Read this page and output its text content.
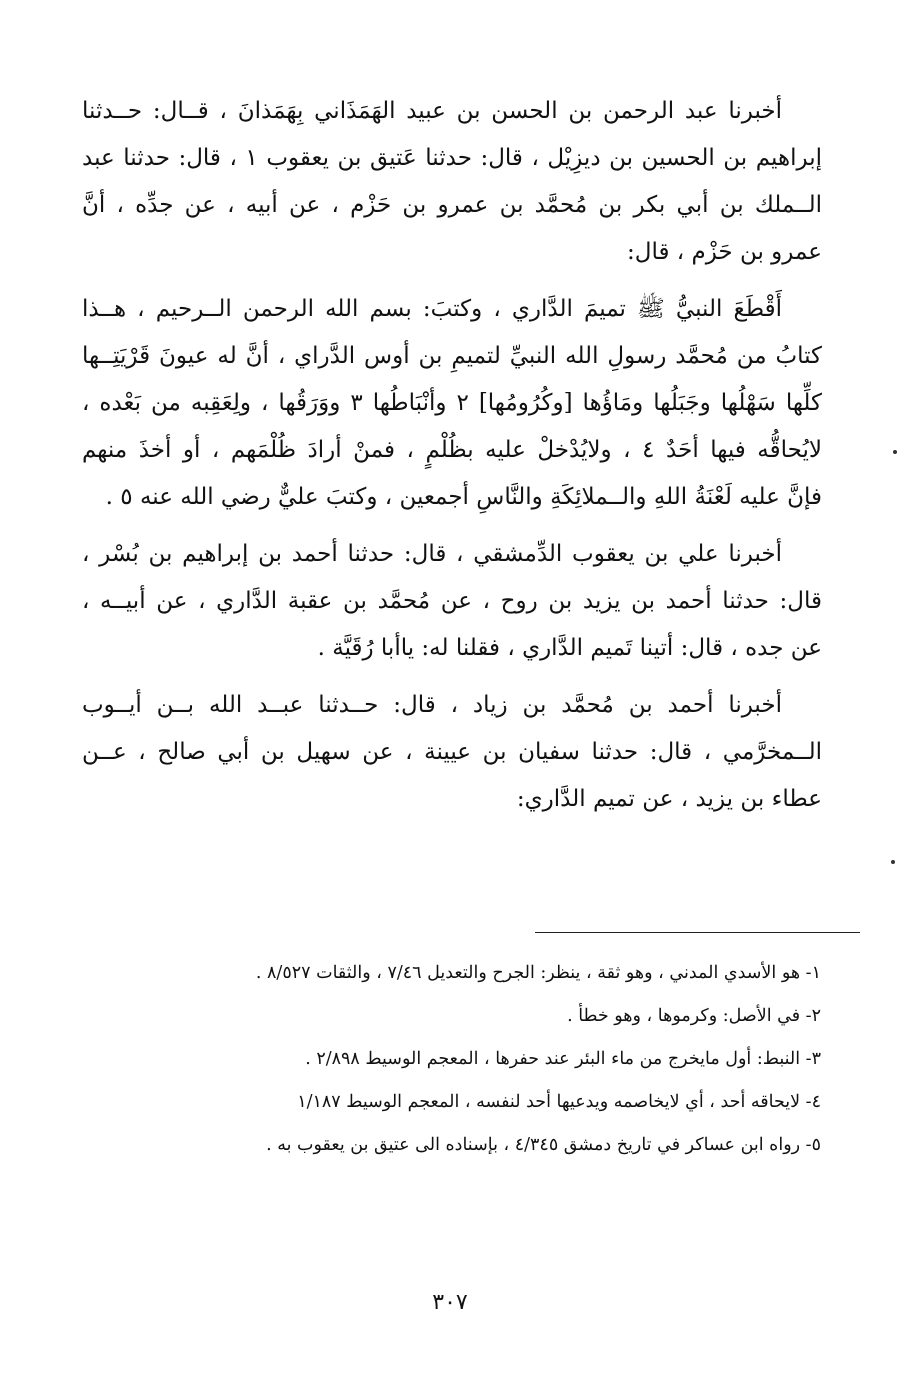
أخبرنا عبد الرحمن بن الحسن بن عبيد الهَمَذَاني بِهَمَذانَ ، قــال: حــدثنا
إبراهيم بن الحسين بن ديزِيْل ، قال: حدثنا عَتيق بن يعقوب ١ ، قال: حدثنا عبد
الــملك بن أبي بكر بن مُحمَّد بن عمرو بن حَزْم ، عن أبيه ، عن جدِّه ، أنَّ
عمرو بن حَزْم ، قال:
أَقْطَعَ النبيُّ ﷺ تميمَ الدَّاري ، وكتبَ: بسم الله الرحمن الــرحيم ، هــذا
كتابُ من مُحمَّد رسولِ الله النبيِّ لتميمِ بن أوس الدَّراي ، أنَّ له عيونَ قَرْيَتِــها
كلِّها سَهْلُها وجَبَلُها ومَاؤُها [وكُرُومُها] ٢ وأنْبَاطُها ٣ ووَرَقُها ، ولِعَقِبه من بَعْده ،
لايُحاقُّه فيها أحَدٌ ٤ ، ولايُدْخلْ عليه بظُلْمٍ ، فمنْ أرادَ ظُلْمَهم ، أو أخذَ منهم
فإنَّ عليه لَعْنَةُ اللهِ والــملائِكَةِ والنَّاسِ أجمعين ، وكتبَ عليٌّ رضي الله عنه ٥ .
أخبرنا علي بن يعقوب الدِّمشقي ، قال: حدثنا أحمد بن إبراهيم بن بُسْر ،
قال: حدثنا أحمد بن يزيد بن روح ، عن مُحمَّد بن عقبة الدَّاري ، عن أبيــه ،
عن جده ، قال: أتينا تَميم الدَّاري ، فقلنا له: ياأبا رُقَيَّة .
أخبرنا أحمد بن مُحمَّد بن زياد ، قال: حــدثنا عبــد الله بــن أيــوب
الــمخرَّمي ، قال: حدثنا سفيان بن عيينة ، عن سهيل بن أبي صالح ، عــن
عطاء بن يزيد ، عن تميم الدَّاري:
١- هو الأسدي المدني ، وهو ثقة ، ينظر: الجرح والتعديل ٧/٤٦ ، والثقات ٨/٥٢٧ .
٢- في الأصل: وكرموها ، وهو خطأ .
٣- النبط: أول مايخرج من ماء البئر عند حفرها ، المعجم الوسيط ٢/٨٩٨ .
٤- لايحاقه أحد ، أي لايخاصمه ويدعيها أحد لنفسه ، المعجم الوسيط ١/١٨٧
٥- رواه ابن عساكر في تاريخ دمشق ٤/٣٤٥ ، بإسناده الى عتيق بن يعقوب به .
٣٠٧
